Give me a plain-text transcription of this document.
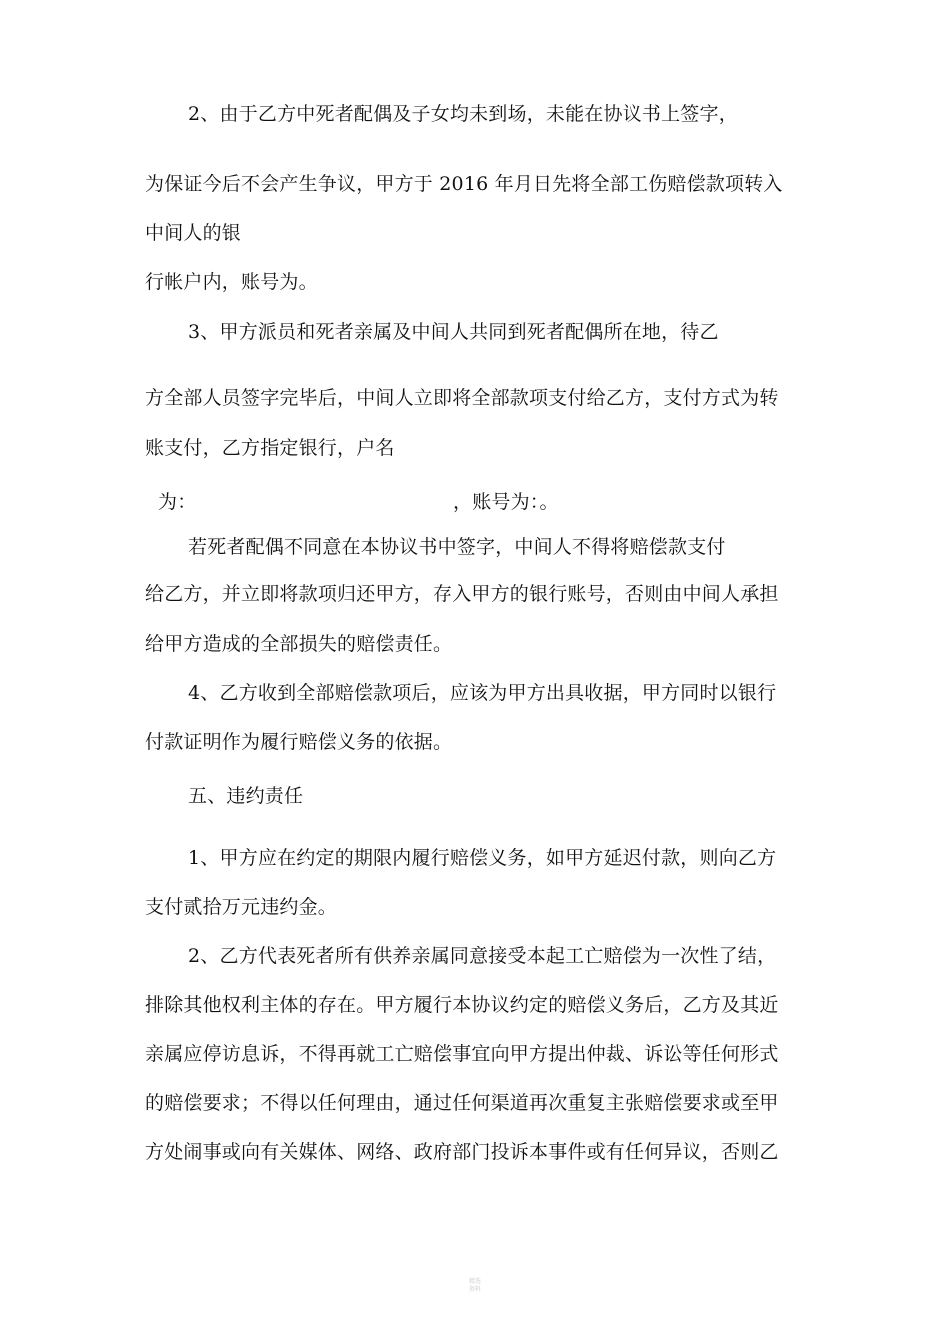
2、由于乙方中死者配偶及子女均未到场，未能在协议书上签字，
为保证今后不会产生争议，甲方于 2016 年月日先将全部工伤赔偿款项转入
中间人的银
行帐户内，账号为。
3、甲方派员和死者亲属及中间人共同到死者配偶所在地，待乙
方全部人员签字完毕后，中间人立即将全部款项支付给乙方，支付方式为转
账支付，乙方指定银行，户名
为：	，账号为：。
若死者配偶不同意在本协议书中签字，中间人不得将赔偿款支付
给乙方，并立即将款项归还甲方，存入甲方的银行账号，否则由中间人承担
给甲方造成的全部损失的赔偿责任。
4、乙方收到全部赔偿款项后，应该为甲方出具收据，甲方同时以银行
付款证明作为履行赔偿义务的依据。
五、违约责任
1、甲方应在约定的期限内履行赔偿义务，如甲方延迟付款，则向乙方
支付贰拾万元违约金。
2、乙方代表死者所有供养亲属同意接受本起工亡赔偿为一次性了结，
排除其他权利主体的存在。甲方履行本协议约定的赔偿义务后，乙方及其近
亲属应停访息诉，不得再就工亡赔偿事宜向甲方提出仲裁、诉讼等任何形式
的赔偿要求；不得以任何理由，通过任何渠道再次重复主张赔偿要求或至甲
方处闹事或向有关媒体、网络、政府部门投诉本事件或有任何异议，否则乙
精选
资料
